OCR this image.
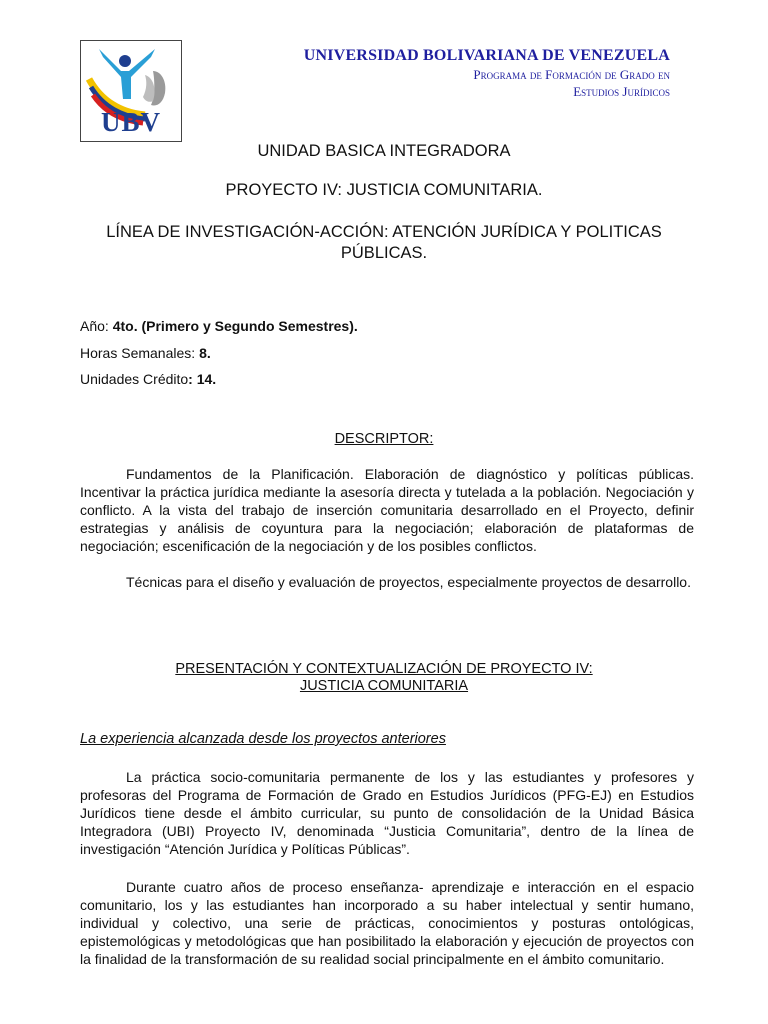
UBV
UNIVERSIDAD BOLIVARIANA DE VENEZUELA
Programa de Formación de Grado en
Estudios Jurídicos
UNIDAD BASICA INTEGRADORA
PROYECTO IV: JUSTICIA COMUNITARIA.
LÍNEA DE INVESTIGACIÓN-ACCIÓN: ATENCIÓN JURÍDICA Y POLITICAS PÚBLICAS.
Año: 4to. (Primero y Segundo Semestres).
Horas Semanales: 8.
Unidades Crédito: 14.
DESCRIPTOR:
Fundamentos de la Planificación. Elaboración de diagnóstico y políticas públicas. Incentivar la práctica jurídica mediante la asesoría directa y tutelada a la población. Negociación y conflicto. A la vista del trabajo de inserción comunitaria desarrollado en el Proyecto, definir estrategias y análisis de coyuntura para la negociación; elaboración de plataformas de negociación; escenificación de la negociación y de los posibles conflictos.
Técnicas para el diseño y evaluación de proyectos, especialmente proyectos de desarrollo.
PRESENTACIÓN Y CONTEXTUALIZACIÓN DE PROYECTO IV:
JUSTICIA COMUNITARIA
La experiencia alcanzada desde los proyectos anteriores
La práctica socio-comunitaria permanente de los y las estudiantes y profesores y profesoras del Programa de Formación de Grado en Estudios Jurídicos (PFG-EJ) en Estudios Jurídicos tiene desde el ámbito curricular, su punto de consolidación de la Unidad Básica Integradora (UBI) Proyecto IV, denominada “Justicia Comunitaria”, dentro de la línea de investigación “Atención Jurídica y Políticas Públicas”.
Durante cuatro años de proceso enseñanza- aprendizaje e interacción en el espacio comunitario, los y las estudiantes han incorporado a su haber intelectual y sentir humano, individual y colectivo, una serie de prácticas, conocimientos y posturas ontológicas, epistemológicas y metodológicas que han posibilitado la elaboración y ejecución de proyectos con la finalidad de la transformación de su realidad social principalmente en el ámbito comunitario.
